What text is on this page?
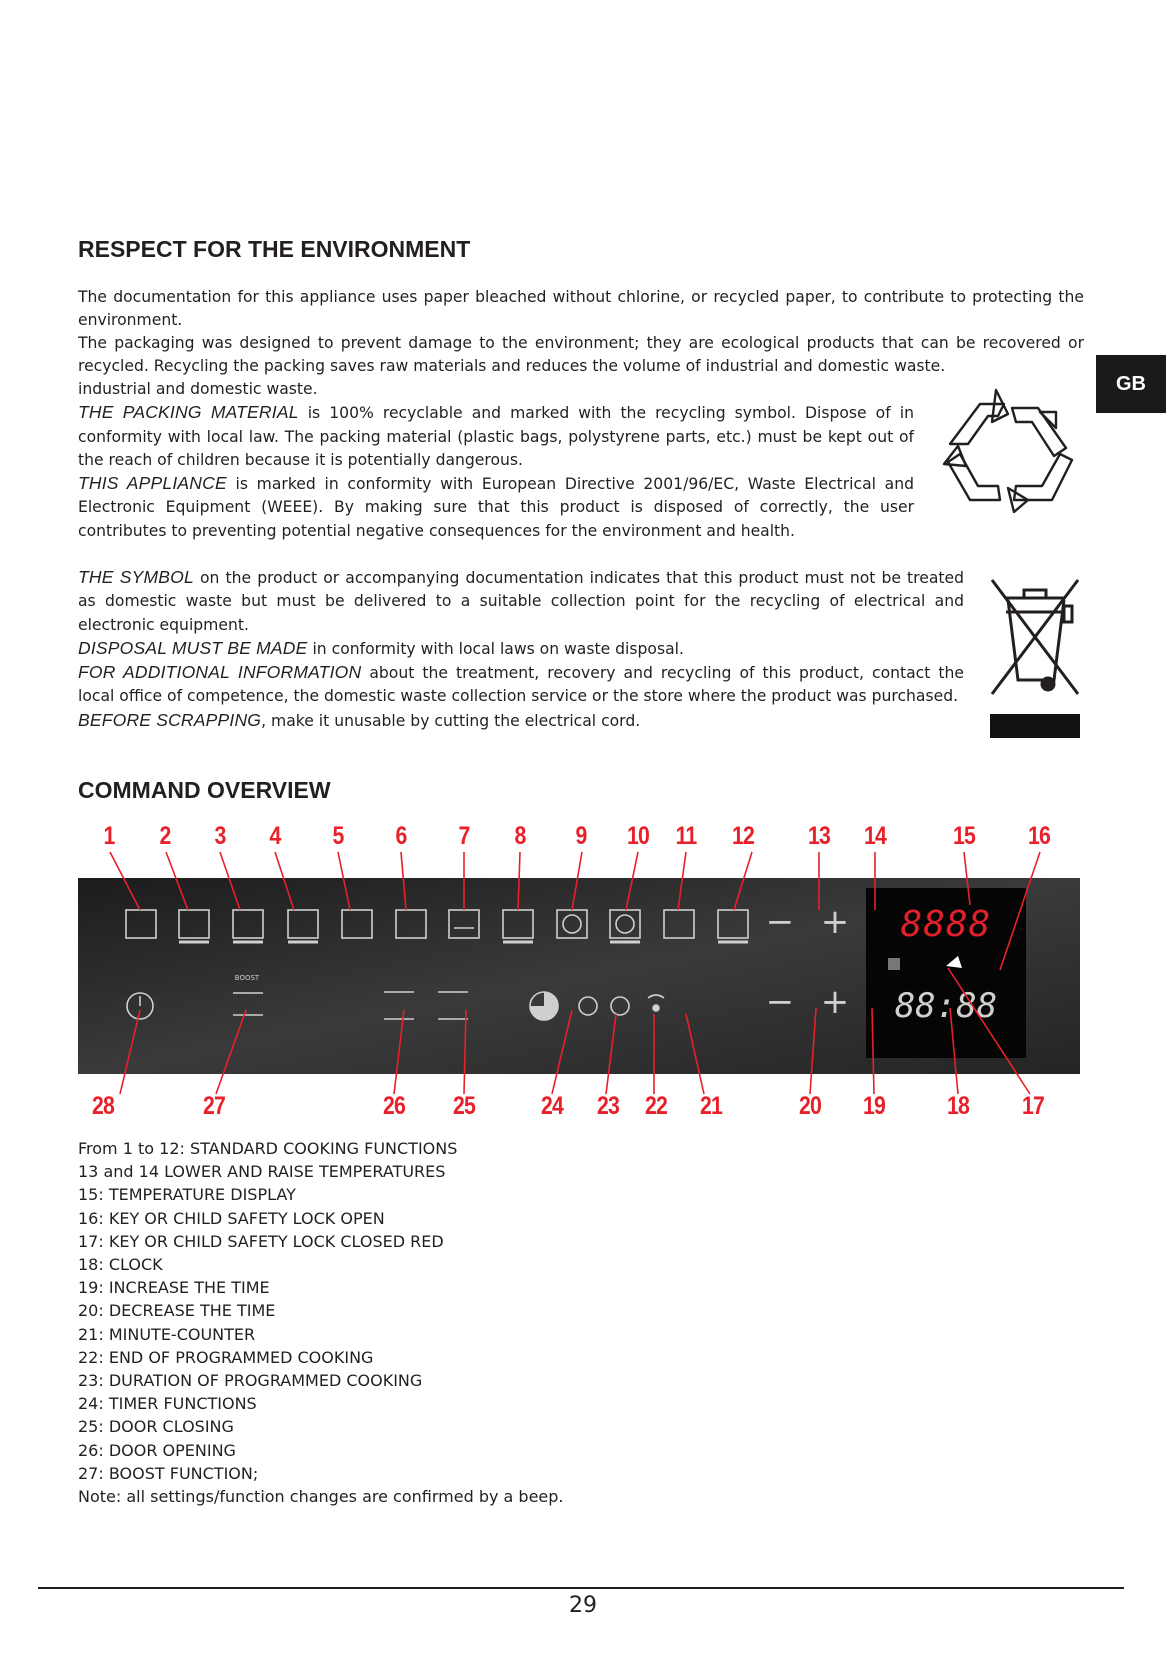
GB
RESPECT FOR THE ENVIRONMENT

The documentation for this appliance uses paper bleached without chlorine, or recycled paper, to contribute to protecting the environment.

The packaging was designed to prevent damage to the environment; they are ecological products that can be recovered or recycled. Recycling the packing saves raw materials and reduces the volume of industrial and domestic waste.

industrial and domestic waste.

THE PACKING MATERIAL is 100% recyclable and marked with the recycling symbol. Dispose of in conformity with local law. The packing material (plastic bags, polystyrene parts, etc.) must be kept out of the reach of children because it is potentially dangerous.

THIS APPLIANCE is marked in conformity with European Directive 2001/96/EC, Waste Electrical and Electronic Equipment (WEEE). By making sure that this product is disposed of correctly, the user contributes to preventing potential negative consequences for the environment and health.

THE SYMBOL on the product or accompanying documentation indicates that this product must not be treated as domestic waste but must be delivered to a suitable collection point for the recycling of electrical and electronic equipment.

DISPOSAL MUST BE MADE in conformity with local laws on waste disposal.

FOR ADDITIONAL INFORMATION about the treatment, recovery and recycling of this product, contact the local office of competence, the domestic waste collection service or the store where the product was purchased.

BEFORE SCRAPPING, make it unusable by cutting the electrical cord.

COMMAND OVERVIEW
1	2	3	4	5	6	7	8	9	10	11	12	13	14	15	16
BOOST
− +
− +
8888
88:88
28	27	26	25	24	23	22	21	20	19	18	17
From 1 to 12: STANDARD COOKING FUNCTIONS
13 and 14 LOWER AND RAISE TEMPERATURES
15: TEMPERATURE DISPLAY
16: KEY OR CHILD SAFETY LOCK OPEN
17: KEY OR CHILD SAFETY LOCK CLOSED RED
18: CLOCK
19: INCREASE THE TIME
20: DECREASE THE TIME
21: MINUTE-COUNTER
22: END OF PROGRAMMED COOKING
23: DURATION OF PROGRAMMED COOKING
24: TIMER FUNCTIONS
25: DOOR CLOSING
26: DOOR OPENING
27: BOOST FUNCTION;
Note: all settings/function changes are confirmed by a beep.
29
